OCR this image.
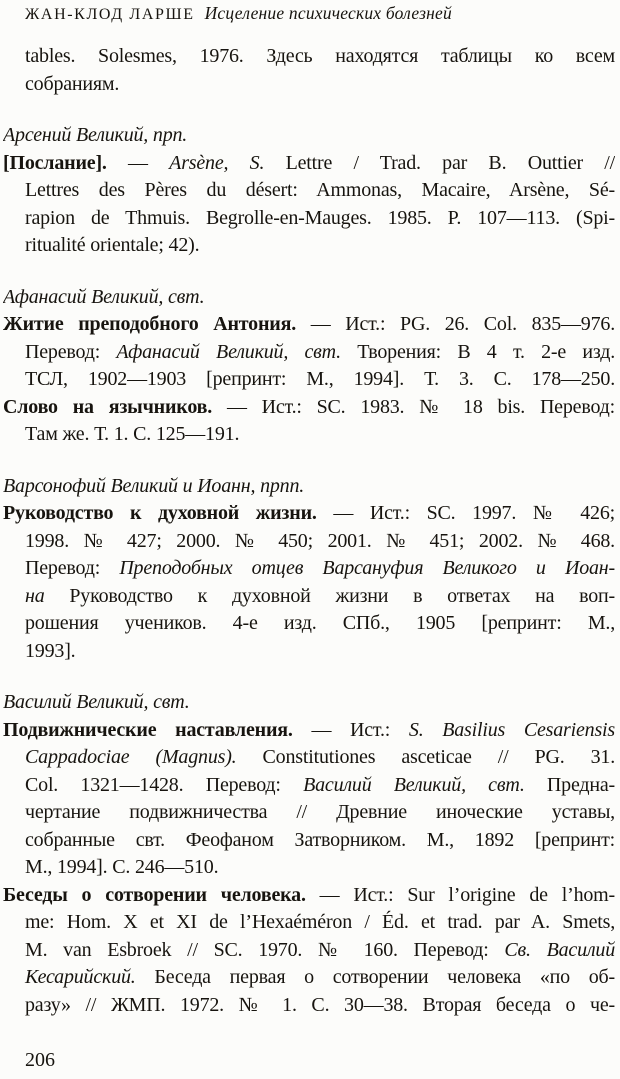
ЖАН-КЛОД ЛАРШЕ Исцеление психических болезней
tables. Solesmes, 1976. Здесь находятся таблицы ко всем
собраниям.
Арсений Великий, прп.
[Послание]. — Arsène, S. Lettre / Trad. par B. Outtier //
Lettres des Pères du désert: Ammonas, Macaire, Arsène, Sé-
rapion de Thmuis. Begrolle-en-Mauges. 1985. P. 107—113. (Spi-
ritualité orientale; 42).
Афанасий Великий, свт.
Житие преподобного Антония. — Ист.: PG. 26. Col. 835—976.
Перевод: Афанасий Великий, свт. Творения: В 4 т. 2-е изд.
ТСЛ, 1902—1903 [репринт: М., 1994]. Т. 3. С. 178—250.
Слово на язычников. — Ист.: SC. 1983. № 18 bis. Перевод:
Там же. Т. 1. С. 125—191.
Варсонофий Великий и Иоанн, прпп.
Руководство к духовной жизни. — Ист.: SC. 1997. № 426;
1998. № 427; 2000. № 450; 2001. № 451; 2002. № 468.
Перевод: Преподобных отцев Варсануфия Великого и Иоан-
на Руководство к духовной жизни в ответах на воп-
рошения учеников. 4-е изд. СПб., 1905 [репринт: М.,
1993].
Василий Великий, свт.
Подвижнические наставления. — Ист.: S. Basilius Cesariensis
Cappadociae (Magnus). Constitutiones asceticae // PG. 31.
Col. 1321—1428. Перевод: Василий Великий, свт. Предна-
чертание подвижничества // Древние иноческие уставы,
собранные свт. Феофаном Затворником. М., 1892 [репринт:
М., 1994]. С. 246—510.
Беседы о сотворении человека. — Ист.: Sur l’origine de l’hom-
me: Hom. X et XI de l’Hexaéméron / Éd. et trad. par A. Smets,
M. van Esbroek // SC. 1970. № 160. Перевод: Св. Василий
Кесарийский. Беседа первая о сотворении человека «по об-
разу» // ЖМП. 1972. № 1. С. 30—38. Вторая беседа о че-
206
